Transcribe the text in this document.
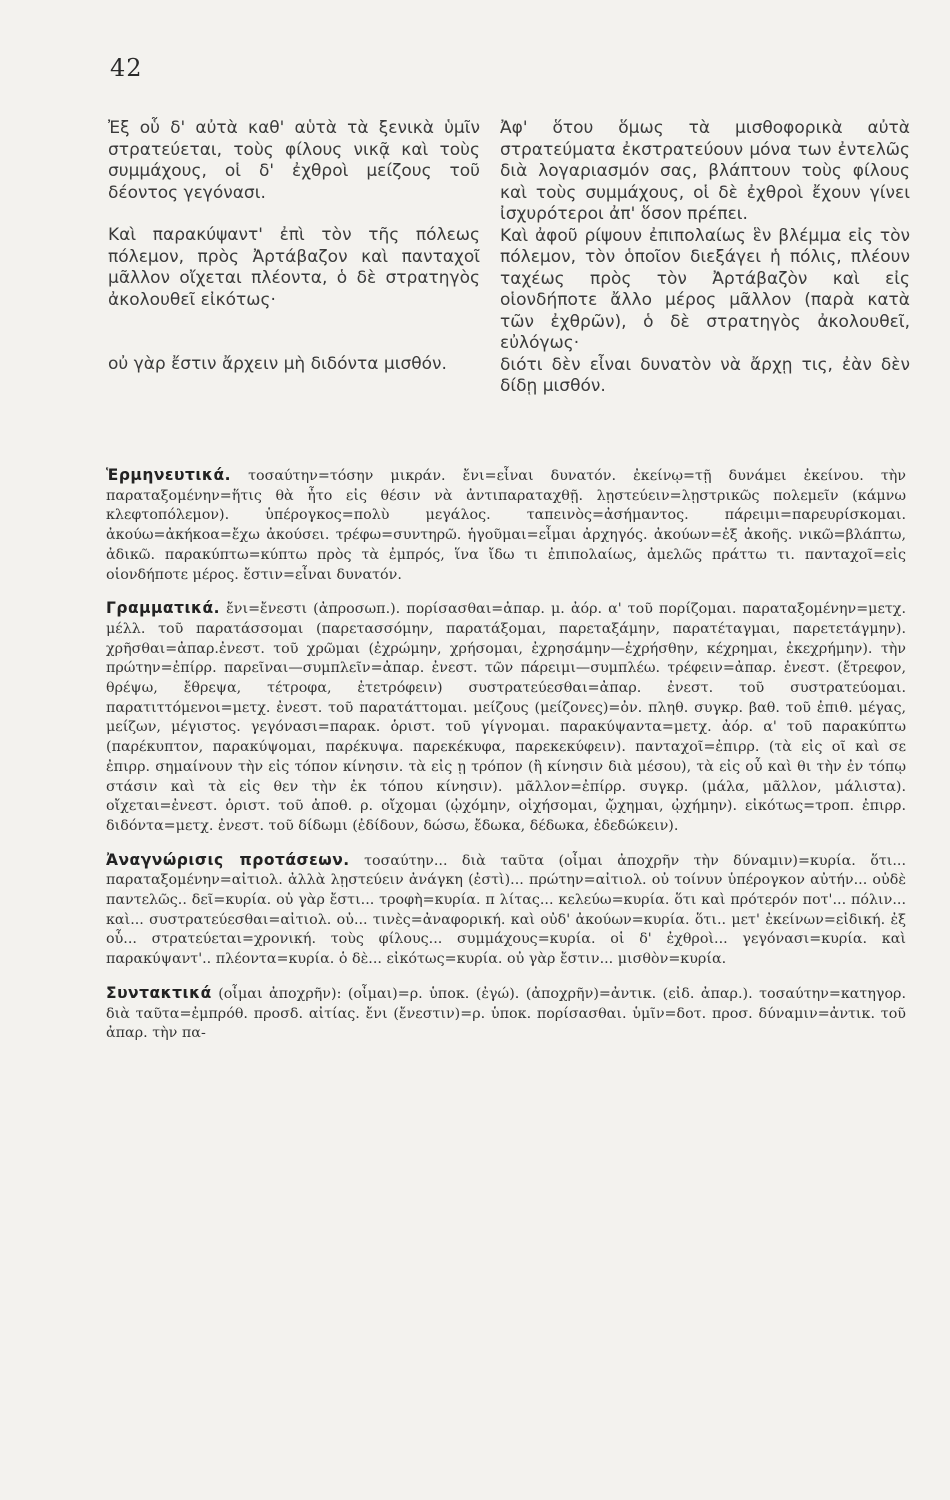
42

Ἐξ οὗ δ' αὐτὰ καθ' αὑτὰ τὰ ξενικὰ ὑμῖν στρατεύεται, τοὺς φίλους νικᾷ καὶ τοὺς συμμάχους, οἱ δ' ἐχθροὶ μείζους τοῦ δέοντος γεγόνασι.

Καὶ παρακύψαντ' ἐπὶ τὸν τῆς πόλεως πόλεμον, πρὸς Ἀρτάβαζον καὶ πανταχοῖ μᾶλλον οἴχεται πλέοντα, ὁ δὲ στρατηγὸς ἀκολουθεῖ εἰκότως·

οὐ γὰρ ἔστιν ἄρχειν μὴ διδόντα μισθόν.

Ἀφ' ὅτου ὅμως τὰ μισθοφορικὰ αὐτὰ στρατεύματα ἐκστρατεύουν μόνα των ἐντελῶς διὰ λογαριασμόν σας, βλάπτουν τοὺς φίλους καὶ τοὺς συμμάχους, οἱ δὲ ἐχθροὶ ἔχουν γίνει ἰσχυρότεροι ἀπ' ὅσον πρέπει.

Καὶ ἀφοῦ ρίψουν ἐπιπολαίως ἓν βλέμμα εἰς τὸν πόλεμον, τὸν ὁποῖον διεξάγει ἡ πόλις, πλέουν ταχέως πρὸς τὸν Ἀρτάβαζὸν καὶ εἰς οἱονδήποτε ἄλλο μέρος μᾶλλον (παρὰ κατὰ τῶν ἐχθρῶν), ὁ δὲ στρατηγὸς ἀκολουθεῖ, εὐλόγως·

διότι δὲν εἶναι δυνατὸν νὰ ἄρχῃ τις, ἐὰν δὲν δίδῃ μισθόν.

Ἑρμηνευτικά. τοσαύτην=τόσην μικράν. ἔνι=εἶναι δυνατόν. ἐκείνῳ=τῇ δυνάμει ἐκείνου. τὴν παραταξομένην=ἥτις θὰ ἦτο εἰς θέσιν νὰ ἀντιπαραταχθῇ. λῃστεύειν=λῃστρικῶς πολεμεῖν (κάμνω κλεφτοπόλεμον). ὑπέρογκος=πολὺ μεγάλος. ταπεινὸς=ἀσήμαντος. πάρειμι=παρευρίσκομαι. ἀκούω=ἀκήκοα=ἔχω ἀκούσει. τρέφω=συντηρῶ. ἡγοῦμαι=εἶμαι ἀρχηγός. ἀκούων=ἐξ ἀκοῆς. νικῶ=βλάπτω, ἀδικῶ. παρακύπτω=κύπτω πρὸς τὰ ἐμπρός, ἵνα ἴδω τι ἐπιπολαίως, ἀμελῶς πράττω τι. πανταχοῖ=εἰς οἱονδήποτε μέρος. ἔστιν=εἶναι δυνατόν.

Γραμματικά. ἔνι=ἔνεστι (ἀπροσωπ.). πορίσασθαι=ἀπαρ. μ. ἀόρ. α' τοῦ πορίζομαι. παραταξομένην=μετχ. μέλλ. τοῦ παρατάσσομαι (παρετασσόμην, παρατάξομαι, παρεταξάμην, παρατέταγμαι, παρετετάγμην). χρῆσθαι=ἀπαρ.ἐνεστ. τοῦ χρῶμαι (ἐχρώμην, χρήσομαι, ἐχρησάμην—ἐχρήσθην, κέχρημαι, ἐκεχρήμην). τὴν πρώτην=ἐπίρρ. παρεῖναι—συμπλεῖν=ἀπαρ. ἐνεστ. τῶν πάρειμι—συμπλέω. τρέφειν=ἀπαρ. ἐνεστ. (ἔτρεφον, θρέψω, ἔθρεψα, τέτροφα, ἐτετρόφειν) συστρατεύεσθαι=ἀπαρ. ἐνεστ. τοῦ συστρατεύομαι. παρατιττόμενοι=μετχ. ἐνεστ. τοῦ παρατάττομαι. μείζους (μείζονες)=ὀν. πληθ. συγκρ. βαθ. τοῦ ἐπιθ. μέγας, μείζων, μέγιστος. γεγόνασι=παρακ. ὁριστ. τοῦ γίγνομαι. παρακύψαντα=μετχ. ἀόρ. α' τοῦ παρακύπτω (παρέκυπτον, παρακύψομαι, παρέκυψα. παρεκέκυφα, παρεκεκύφειν). πανταχοῖ=ἐπιρρ. (τὰ εἰς οῖ καὶ σε ἐπιρρ. σημαίνουν τὴν εἰς τόπον κίνησιν. τὰ εἰς ῃ τρόπον (ἢ κίνησιν διὰ μέσου), τὰ εἰς οὗ καὶ θι τὴν ἐν τόπῳ στάσιν καὶ τὰ εἰς θεν τὴν ἐκ τόπου κίνησιν). μᾶλλον=ἐπίρρ. συγκρ. (μάλα, μᾶλλον, μάλιστα). οἴχεται=ἐνεστ. ὁριστ. τοῦ ἀποθ. ρ. οἴχομαι (ᾠχόμην, οἰχήσομαι, ᾤχημαι, ᾠχήμην). εἰκότως=τροπ. ἐπιρρ. διδόντα=μετχ. ἐνεστ. τοῦ δίδωμι (ἐδίδουν, δώσω, ἔδωκα, δέδωκα, ἐδεδώκειν).

Ἀναγνώρισις προτάσεων. τοσαύτην... διὰ ταῦτα (οἶμαι ἀποχρῆν τὴν δύναμιν)=κυρία. ὅτι... παραταξομένην=αἰτιολ. ἀλλὰ λῃστεύειν ἀνάγκη (ἐστὶ)... πρώτην=αἰτιολ. οὐ τοίνυν ὑπέρογκον αὐτήν... οὐδὲ παντελῶς.. δεῖ=κυρία. οὐ γὰρ ἔστι... τροφὴ=κυρία. π λίτας... κελεύω=κυρία. ὅτι καὶ πρότερόν ποτ'... πόλιν... καὶ... συστρατεύεσθαι=αἰτιολ. οὐ... τινὲς=ἀναφορική. καὶ οὐδ' ἀκούων=κυρία. ὅτι.. μετ' ἐκείνων=εἰδική. ἐξ οὗ... στρατεύεται=χρονική. τοὺς φίλους... συμμάχους=κυρία. οἱ δ' ἐχθροὶ... γεγόνασι=κυρία. καὶ παρακύψαντ'.. πλέοντα=κυρία. ὁ δὲ... εἰκότως=κυρία. οὐ γὰρ ἔστιν... μισθὸν=κυρία.

Συντακτικά (οἶμαι ἀποχρῆν): (οἶμαι)=ρ. ὑποκ. (ἐγώ). (ἀποχρῆν)=ἀντικ. (εἰδ. ἀπαρ.). τοσαύτην=κατηγορ. διὰ ταῦτα=ἐμπρόθ. προσδ. αἰτίας. ἔνι (ἔνεστιν)=ρ. ὑποκ. πορίσασθαι. ὑμῖν=δοτ. προσ. δύναμιν=ἀντικ. τοῦ ἀπαρ. τὴν πα-
